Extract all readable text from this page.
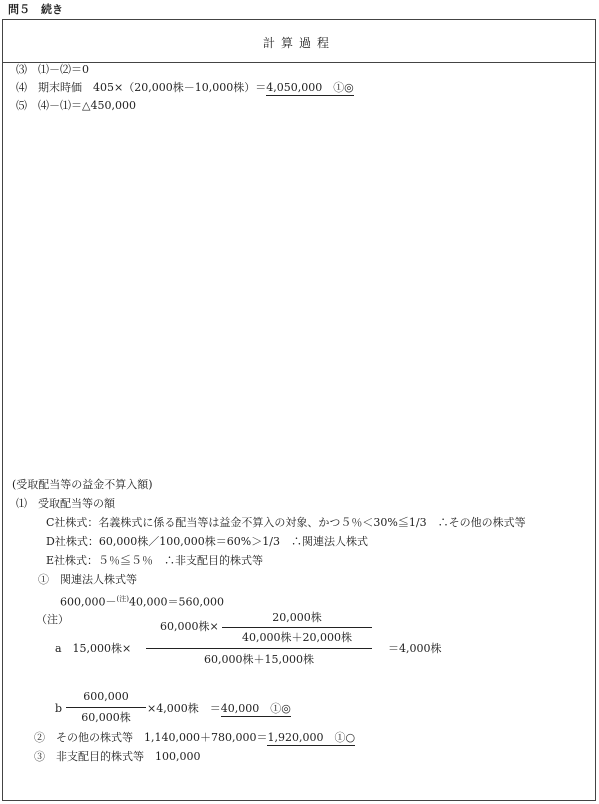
問５　続き
計算過程
⑶　⑴－⑵＝0
⑷　期末時価　405×（20,000株－10,000株）＝4,050,000　 ①◎
⑸　⑷－⑴＝△450,000
(受取配当等の益金不算入額)
⑴　受取配当等の額
C社株式：名義株式に係る配当等は益金不算入の対象、かつ５％＜30%≦1/3　∴その他の株式等
D社株式：60,000株／100,000株＝60%＞1/3　∴関連法人株式
E社株式：５％≦５％　∴非支配目的株式等
①　関連法人株式等
600,000－$^{(注)}$40,000＝560,000
（注）
a　15,000株×
60,000株×
20,000株
40,000株＋20,000株
60,000株＋15,000株
＝4,000株
b
600,000
60,000株
×4,000株　＝40,000　 ①◎
②　その他の株式等　1,140,000＋780,000＝1,920,000　 ①○
③　非支配目的株式等　100,000
